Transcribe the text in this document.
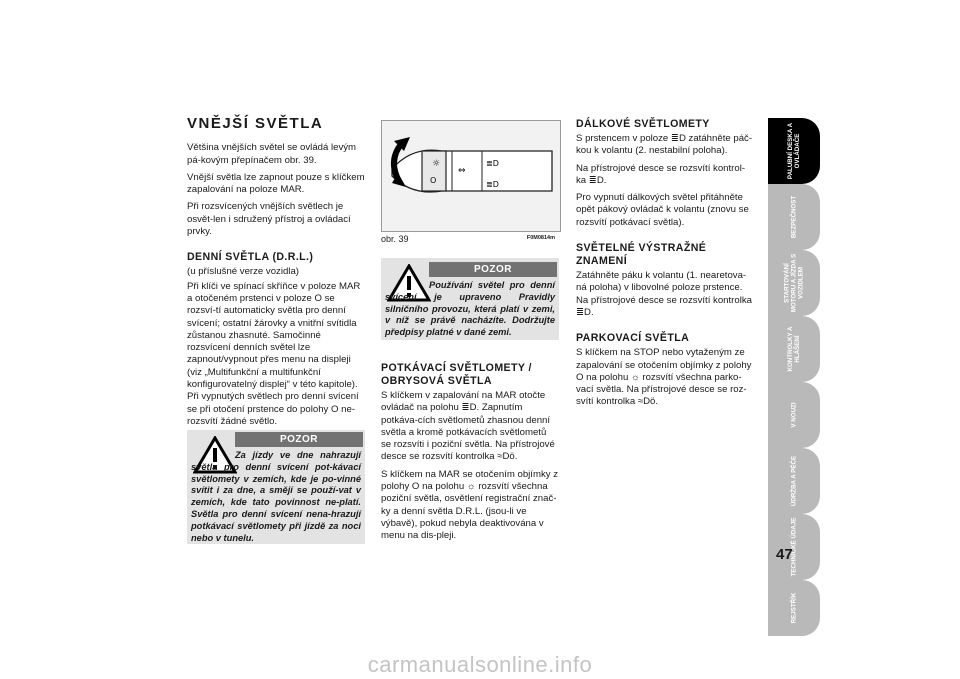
VNĚJŠÍ SVĚTLA

Většina vnějších světel se ovládá levým pá-kovým přepínačem obr. 39.

Vnější světla lze zapnout pouze s klíčkem zapalování na poloze MAR.

Při rozsvícených vnějších světlech je osvět-len i sdružený přístroj a ovládací prvky.

DENNÍ SVĚTLA (D.R.L.)

(u příslušné verze vozidla)

Při klíči ve spínací skříňce v poloze MAR a otočeném prstenci v poloze O se rozsví-tí automaticky světla pro denní svícení; ostatní žárovky a vnitřní svítidla zůstanou zhasnuté. Samočinné rozsvícení denních světel lze zapnout/vypnout přes menu na displeji (viz „Multifunkční a multifunkční konfigurovatelný displej“ v této kapitole). Při vypnutých světlech pro denní svícení se při otočení prstence do polohy O ne-rozsvítí žádné světlo.

POZOR
Za jízdy ve dne nahrazují světla pro denní svícení pot-kávací světlomety v zemích, kde je po-vinné svítit i za dne, a smějí se použí-vat v zemích, kde tato povinnost ne-platí. Světla pro denní svícení nena-hrazují potkávací světlomety při jízdě za noci nebo v tunelu.
☼
O
⇔
≣D
≣D
obr. 39	F0M0814m
POZOR
Používání světel pro denní svícení je upraveno Pravidly silničního provozu, která platí v zemi, v níž se právě nacházíte. Dodržujte předpisy platné v dané zemi.
POTKÁVACÍ SVĚTLOMETY / OBRYSOVÁ SVĚTLA

S klíčkem v zapalování na MAR otočte ovládač na polohu ≣D. Zapnutím potkáva-cích světlometů zhasnou denní světla a kromě potkávacích světlometů se rozsvíti i poziční světla. Na přístrojové desce se rozsvítí kontrolka ≈Dö.

S klíčkem na MAR se otočením objímky z polohy O na polohu ☼ rozsvítí všechna poziční světla, osvětlení registrační znač-ky a denní světla D.R.L. (jsou-li ve výbavě), pokud nebyla deaktivována v menu na dis-pleji.

DÁLKOVÉ SVĚTLOMETY

S prstencem v poloze ≣D zatáhněte páč-kou k volantu (2. nestabilní poloha).

Na přístrojové desce se rozsvítí kontrol-ka ≣D.

Pro vypnutí dálkových světel přitáhněte opět pákový ovládač k volantu (znovu se rozsvítí potkávací světla).

SVĚTELNÉ VÝSTRAŽNÉ ZNAMENÍ

Zatáhněte páku k volantu (1. nearetova-ná poloha) v libovolné poloze prstence. Na přístrojové desce se rozsvítí kontrolka ≣D.

PARKOVACÍ SVĚTLA

S klíčkem na STOP nebo vytaženým ze zapalování se otočením objímky z polohy O na polohu ☼ rozsvítí všechna parko-vací světla. Na přístrojové desce se roz-svítí kontrolka ≈Dö.

PALUBNÍ DESKA A OVLÁDAČE
BEZPEČNOST
STARTOVÁNÍ MOTORU A JÍZDA S VOZIDLEM
KONTROLKY A HLÁŠENÍ
V NOUZI
ÚDRŽBA A PÉČE
TECHNICKÉ ÚDAJE
REJSTŘÍK
47
carmanualsonline.info
